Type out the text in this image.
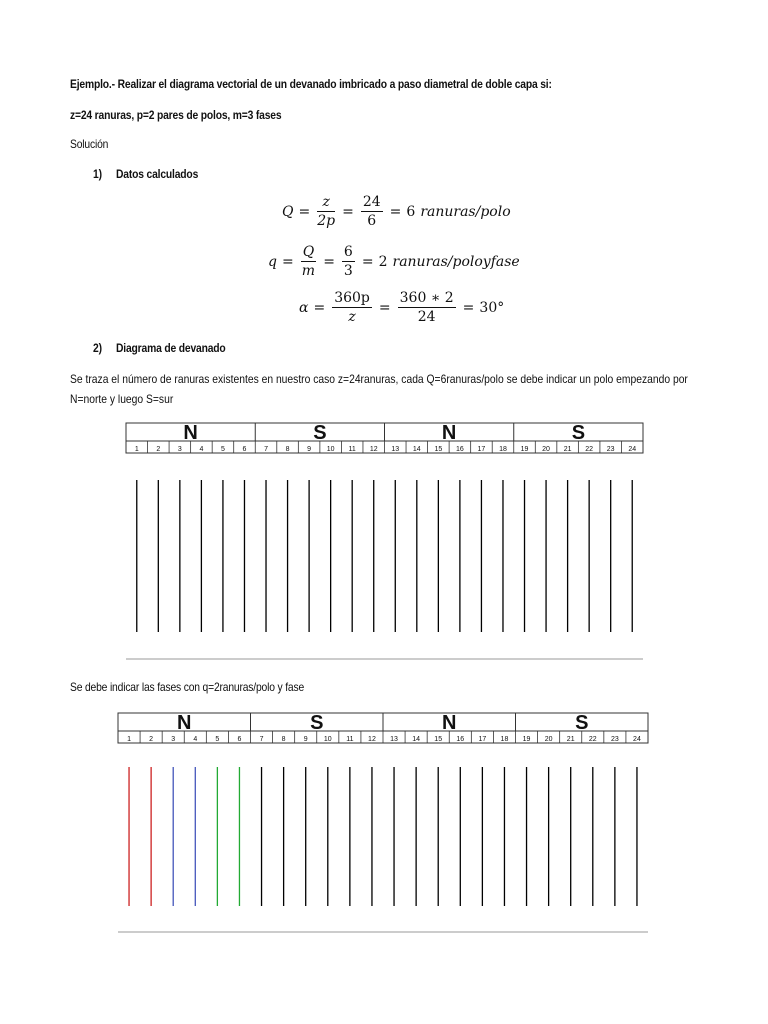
Ejemplo.- Realizar el diagrama vectorial de un devanado imbricado a paso diametral de doble capa si:
z=24 ranuras, p=2 pares de polos, m=3 fases
Solución
1) Datos calculados
$Q = \frac{z}{2p} = \frac{24}{6} = 6$ ranuras/polo
$q = \frac{Q}{m} = \frac{6}{3} = 2$ ranuras/poloyfase
$\alpha = \frac{360p}{z} = \frac{360 ∗ 2}{24} = 30^\circ$
2) Diagrama de devanado
Se traza el número de ranuras existentes en nuestro caso z=24ranuras, cada Q=6ranuras/polo se debe indicar un polo empezando por N=norte y luego S=sur
Se debe indicar las fases con q=2ranuras/polo y fase
N	S	N	S
1	2	3	4	5	6	7	8	9 10 11 12 13 14 15 16 17 18 19 20 21 22 23 24
N	S	N	S
1	2	3	4	5	6	7	8	9 10 11 12 13 14 15 16 17 18 19 20 21 22 23 24
